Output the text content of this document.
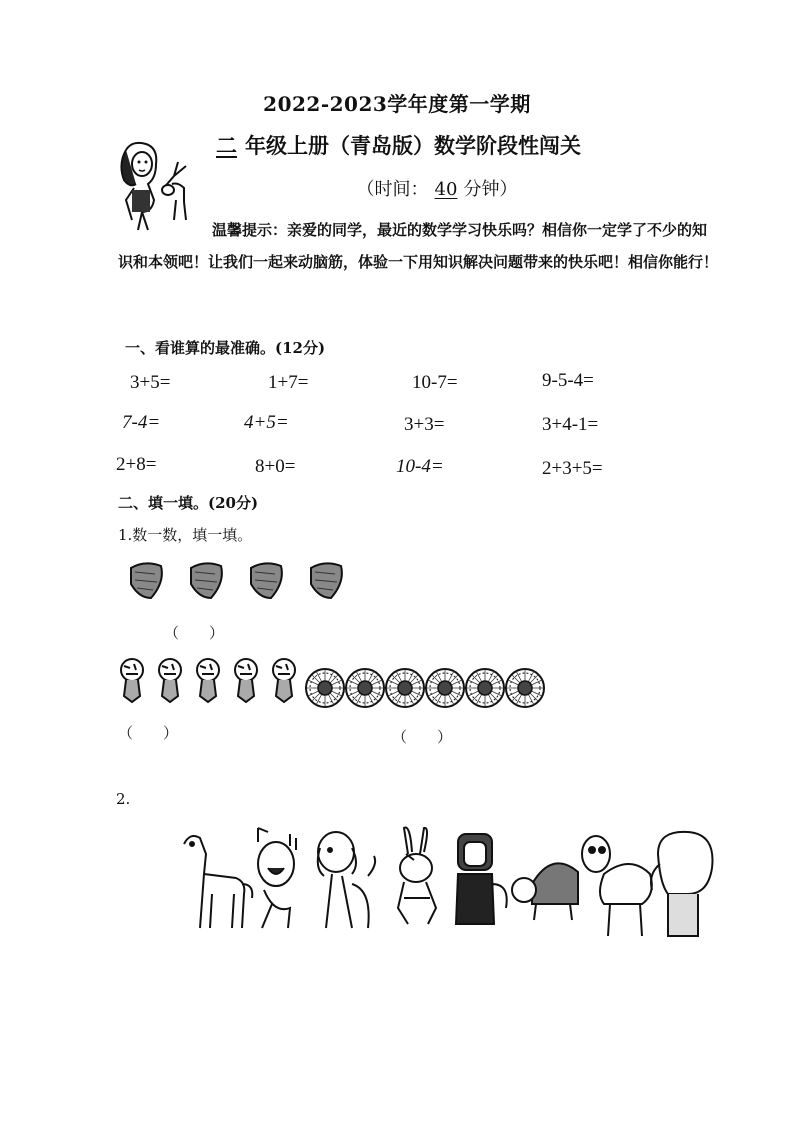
2022-2023学年度第一学期
二 年级上册（青岛版）数学阶段性闯关
（时间： 40 分钟）
温馨提示：亲爱的同学，最近的数学学习快乐吗？相信你一定学了不少的知识和本领吧！让我们一起来动脑筋，体验一下用知识解决问题带来的快乐吧！相信你能行！
一、看谁算的最准确。(12分)
3+5=	1+7=	10-7=	9-5-4=
7-4=	4+5=	3+3=	3+4-1=
2+8=	8+0=	10-4=	2+3+5=
二、填一填。(20分)
1.数一数，填一填。
（　　）
（　　）	（　　）
2.
